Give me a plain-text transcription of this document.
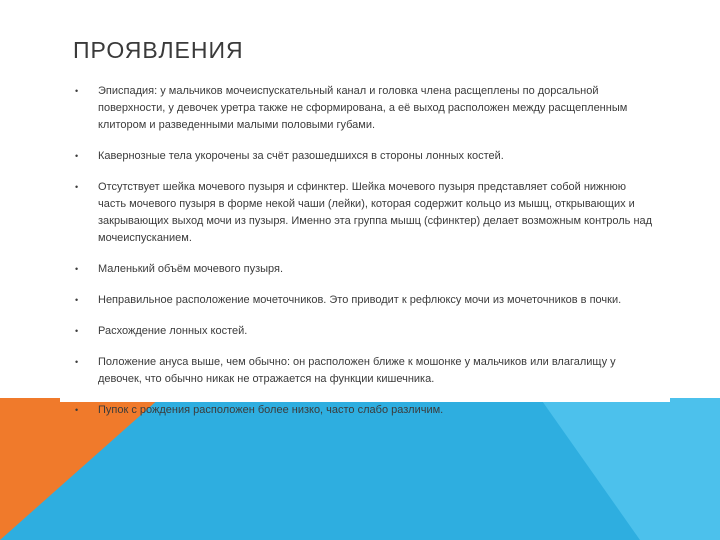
ПРОЯВЛЕНИЯ
• Эписпадия: у мальчиков мочеиспускательный канал и головка члена расщеплены по дорсальной поверхности, у девочек уретра также не сформирована, а её выход расположен между расщепленным клитором и разведенными малыми половыми губами.
• Кавернозные тела укорочены за счёт разошедшихся в стороны лонных костей.
• Отсутствует шейка мочевого пузыря и сфинктер. Шейка мочевого пузыря представляет собой нижнюю часть мочевого пузыря в форме некой чаши (лейки), которая содержит кольцо из мышц, открывающих и закрывающих выход мочи из пузыря. Именно эта группа мышц (сфинктер) делает возможным контроль над мочеиспусканием.
• Маленький объём мочевого пузыря.
• Неправильное расположение мочеточников. Это приводит к рефлюксу мочи из мочеточников в почки.
• Расхождение лонных костей.
• Положение ануса выше, чем обычно: он расположен ближе к мошонке у мальчиков или влагалищу у девочек, что обычно никак не отражается на функции кишечника.
• Пупок с рождения расположен более низко, часто слабо различим.
